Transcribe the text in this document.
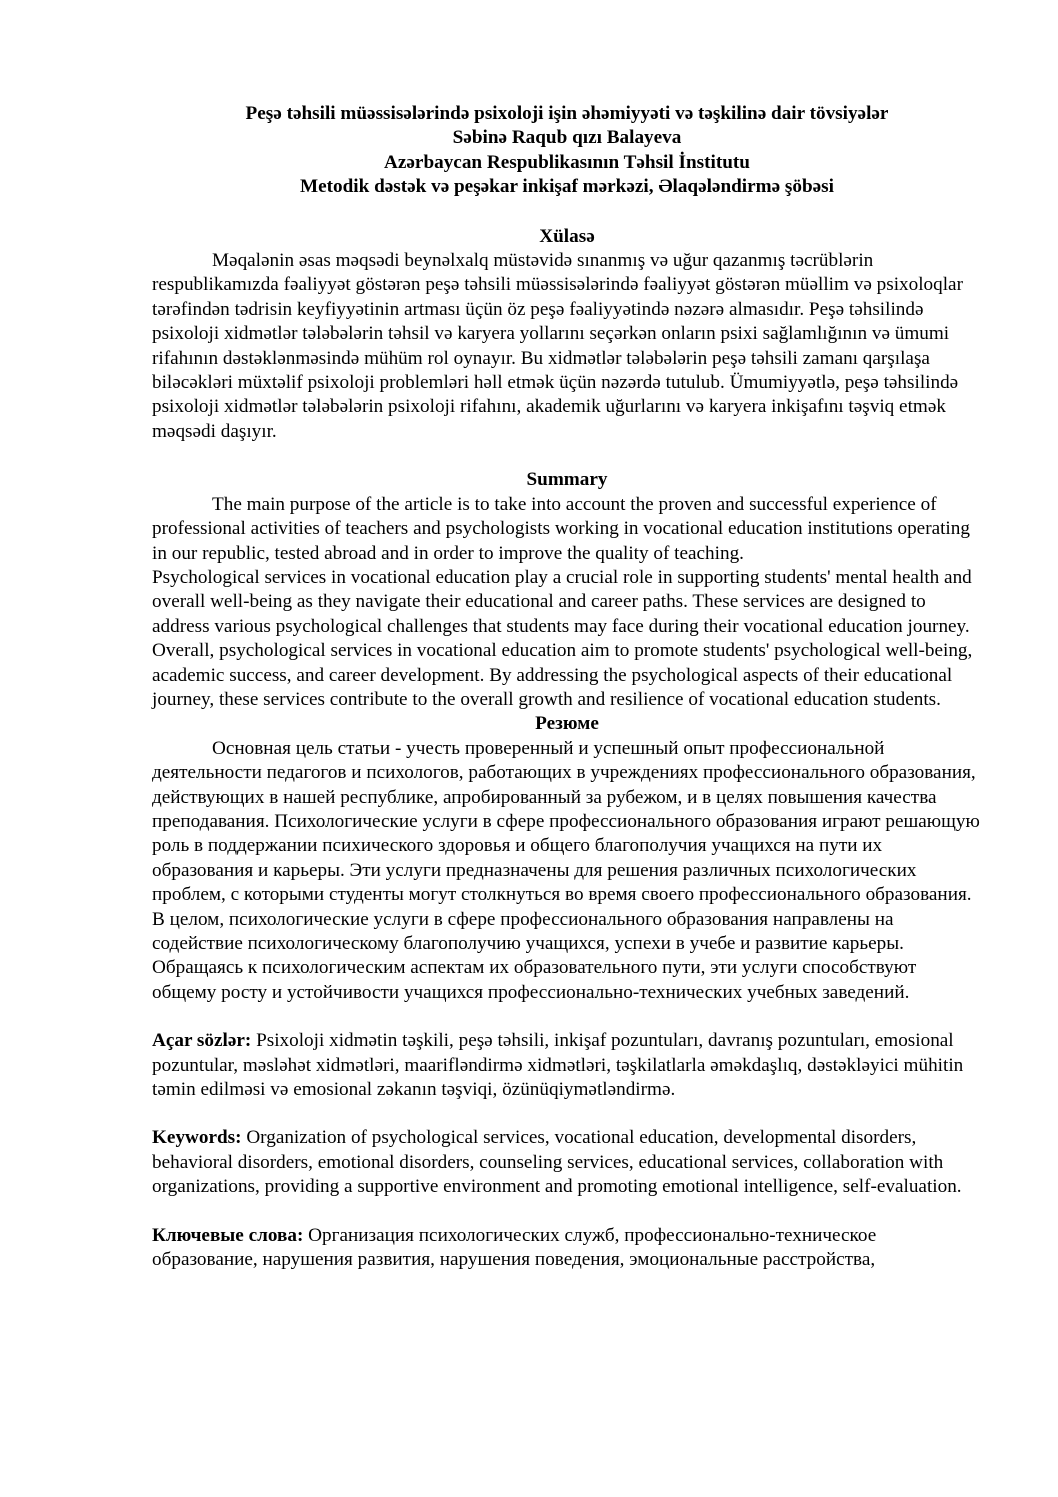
Peşə təhsili müəssisələrində psixoloji işin əhəmiyyəti və təşkilinə dair tövsiyələr
Səbinə Raqub qızı Balayeva
Azərbaycan Respublikasının Təhsil İnstitutu
Metodik dəstək və peşəkar inkişaf mərkəzi, Əlaqələndirmə şöbəsi
Xülasə

Məqalənin əsas məqsədi beynəlxalq müstəvidə sınanmış və uğur qazanmış təcrüblərin respublikamızda fəaliyyət göstərən peşə təhsili müəssisələrində fəaliyyət göstərən müəllim və psixoloqlar tərəfindən tədrisin keyfiyyətinin artması üçün öz peşə fəaliyyətində nəzərə almasıdır. Peşə təhsilində psixoloji xidmətlər tələbələrin təhsil və karyera yollarını seçərkən onların psixi sağlamlığının və ümumi rifahının dəstəklənməsində mühüm rol oynayır. Bu xidmətlər tələbələrin peşə təhsili zamanı qarşılaşa biləcəkləri müxtəlif psixoloji problemləri həll etmək üçün nəzərdə tutulub. Ümumiyyətlə, peşə təhsilində psixoloji xidmətlər tələbələrin psixoloji rifahını, akademik uğurlarını və karyera inkişafını təşviq etmək məqsədi daşıyır.

Summary

The main purpose of the article is to take into account the proven and successful experience of professional activities of teachers and psychologists working in vocational education institutions operating in our republic, tested abroad and in order to improve the quality of teaching.

Psychological services in vocational education play a crucial role in supporting students' mental health and overall well-being as they navigate their educational and career paths. These services are designed to address various psychological challenges that students may face during their vocational education journey. Overall, psychological services in vocational education aim to promote students' psychological well-being, academic success, and career development. By addressing the psychological aspects of their educational journey, these services contribute to the overall growth and resilience of vocational education students.

Резюме

Основная цель статьи - учесть проверенный и успешный опыт профессиональной деятельности педагогов и психологов, работающих в учреждениях профессионального образования, действующих в нашей республике, апробированный за рубежом, и в целях повышения качества преподавания. Психологические услуги в сфере профессионального образования играют решающую роль в поддержании психического здоровья и общего благополучия учащихся на пути их образования и карьеры. Эти услуги предназначены для решения различных психологических проблем, с которыми студенты могут столкнуться во время своего профессионального образования. В целом, психологические услуги в сфере профессионального образования направлены на содействие психологическому благополучию учащихся, успехи в учебе и развитие карьеры. Обращаясь к психологическим аспектам их образовательного пути, эти услуги способствуют общему росту и устойчивости учащихся профессионально-технических учебных заведений.

Açar sözlər: Psixoloji xidmətin təşkili, peşə təhsili, inkişaf pozuntuları, davranış pozuntuları, emosional pozuntular, məsləhət xidmətləri, maarifləndirmə xidmətləri, təşkilatlarla əməkdaşlıq, dəstəkləyici mühitin təmin edilməsi və emosional zəkanın təşviqi, özünüqiymətləndirmə.

Keywords: Organization of psychological services, vocational education, developmental disorders, behavioral disorders, emotional disorders, counseling services, educational services, collaboration with organizations, providing a supportive environment and promoting emotional intelligence, self-evaluation.

Ключевые слова: Организация психологических служб, профессионально-техническое образование, нарушения развития, нарушения поведения, эмоциональные расстройства,
